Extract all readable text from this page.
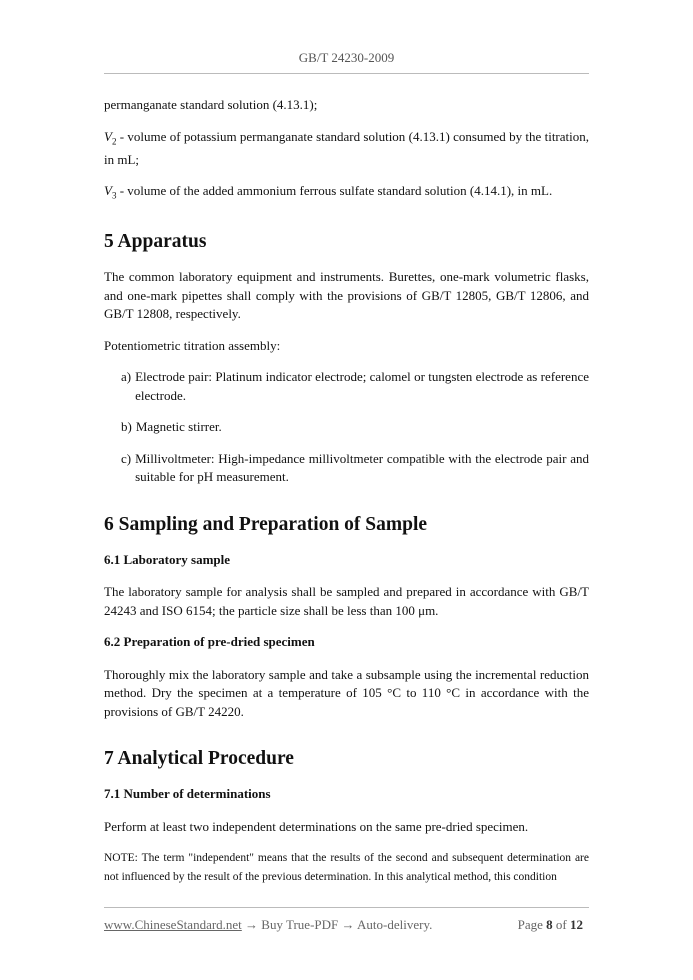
GB/T 24230-2009

permanganate standard solution (4.13.1);

$V_2$ - volume of potassium permanganate standard solution (4.13.1) consumed by the titration, in mL;

$V_3$ - volume of the added ammonium ferrous sulfate standard solution (4.14.1), in mL.

5 Apparatus

The common laboratory equipment and instruments. Burettes, one-mark volumetric flasks, and one-mark pipettes shall comply with the provisions of GB/T 12805, GB/T 12806, and GB/T 12808, respectively.

Potentiometric titration assembly:

a) Electrode pair: Platinum indicator electrode; calomel or tungsten electrode as reference electrode.
b) Magnetic stirrer.
c) Millivoltmeter: High-impedance millivoltmeter compatible with the electrode pair and suitable for pH measurement.
6 Sampling and Preparation of Sample
6.1 Laboratory sample

The laboratory sample for analysis shall be sampled and prepared in accordance with GB/T 24243 and ISO 6154; the particle size shall be less than 100 μm.

6.2 Preparation of pre-dried specimen

Thoroughly mix the laboratory sample and take a subsample using the incremental reduction method. Dry the specimen at a temperature of 105 °C to 110 °C in accordance with the provisions of GB/T 24220.

7 Analytical Procedure
7.1 Number of determinations

Perform at least two independent determinations on the same pre-dried specimen.

NOTE: The term "independent" means that the results of the second and subsequent determination are not influenced by the result of the previous determination. In this analytical method, this condition

www.ChineseStandard.net → Buy True-PDF → Auto-delivery.	Page 8 of 12
